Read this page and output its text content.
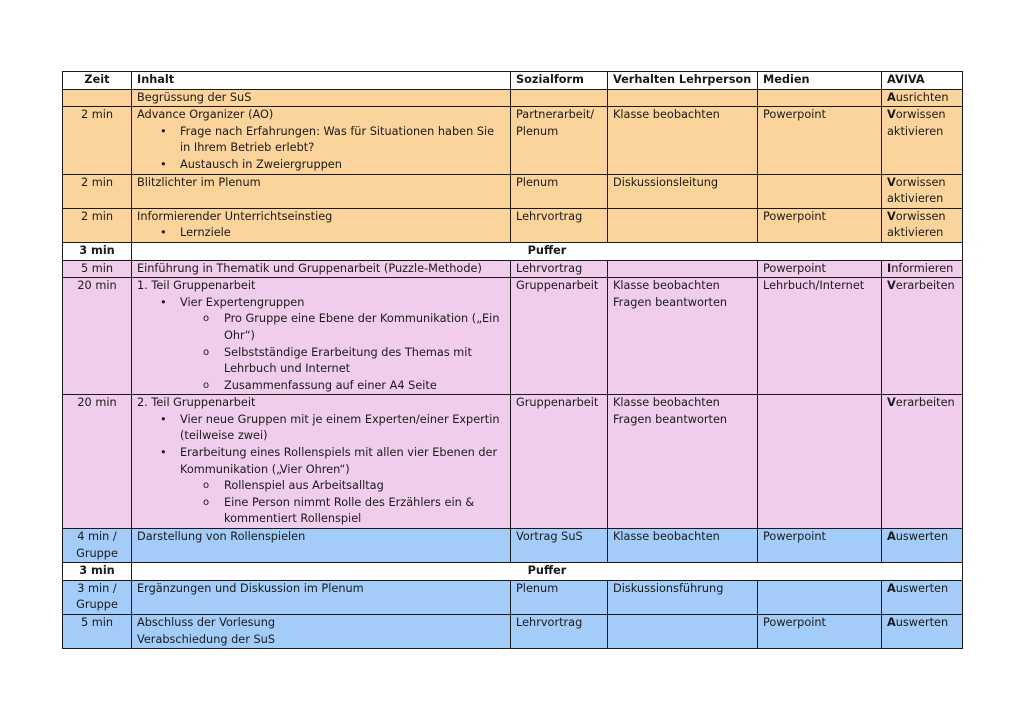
Zeit	Inhalt	Sozialform	Verhalten Lehrperson	Medien	AVIVA

	Begrüssung der SuS				Ausrichten
2 min	Advance Organizer (AO)
• Frage nach Erfahrungen: Was für Situationen haben Sie in Ihrem Betrieb erlebt?
• Austausch in Zweiergruppen	Partnerarbeit/ Plenum	Klasse beobachten	Powerpoint	Vorwissen aktivieren
2 min	Blitzlichter im Plenum	Plenum	Diskussionsleitung		Vorwissen aktivieren
2 min	Informierender Unterrichtseinstieg
• Lernziele	Lehrvortrag		Powerpoint	Vorwissen aktivieren
3 min	Puffer				
5 min	Einführung in Thematik und Gruppenarbeit (Puzzle-Methode)	Lehrvortrag		Powerpoint	Informieren
20 min	1. Teil Gruppenarbeit
• Vier Expertengruppen
o Pro Gruppe eine Ebene der Kommunikation („Ein Ohr“)
o Selbstständige Erarbeitung des Themas mit Lehrbuch und Internet
o Zusammenfassung auf einer A4 Seite	Gruppenarbeit	Klasse beobachten Fragen beantworten	Lehrbuch/Internet	Verarbeiten
20 min	2. Teil Gruppenarbeit
• Vier neue Gruppen mit je einem Experten/einer Expertin (teilweise zwei)
• Erarbeitung eines Rollenspiels mit allen vier Ebenen der Kommunikation („Vier Ohren“)
o Rollenspiel aus Arbeitsalltag
o Eine Person nimmt Rolle des Erzählers ein & kommentiert Rollenspiel	Gruppenarbeit	Klasse beobachten Fragen beantworten		Verarbeiten
4 min / Gruppe	Darstellung von Rollenspielen	Vortrag SuS	Klasse beobachten	Powerpoint	Auswerten
3 min	Puffer				
3 min / Gruppe	Ergänzungen und Diskussion im Plenum	Plenum	Diskussionsführung		Auswerten
5 min	Abschluss der Vorlesung
Verabschiedung der SuS	Lehrvortrag		Powerpoint	Auswerten
